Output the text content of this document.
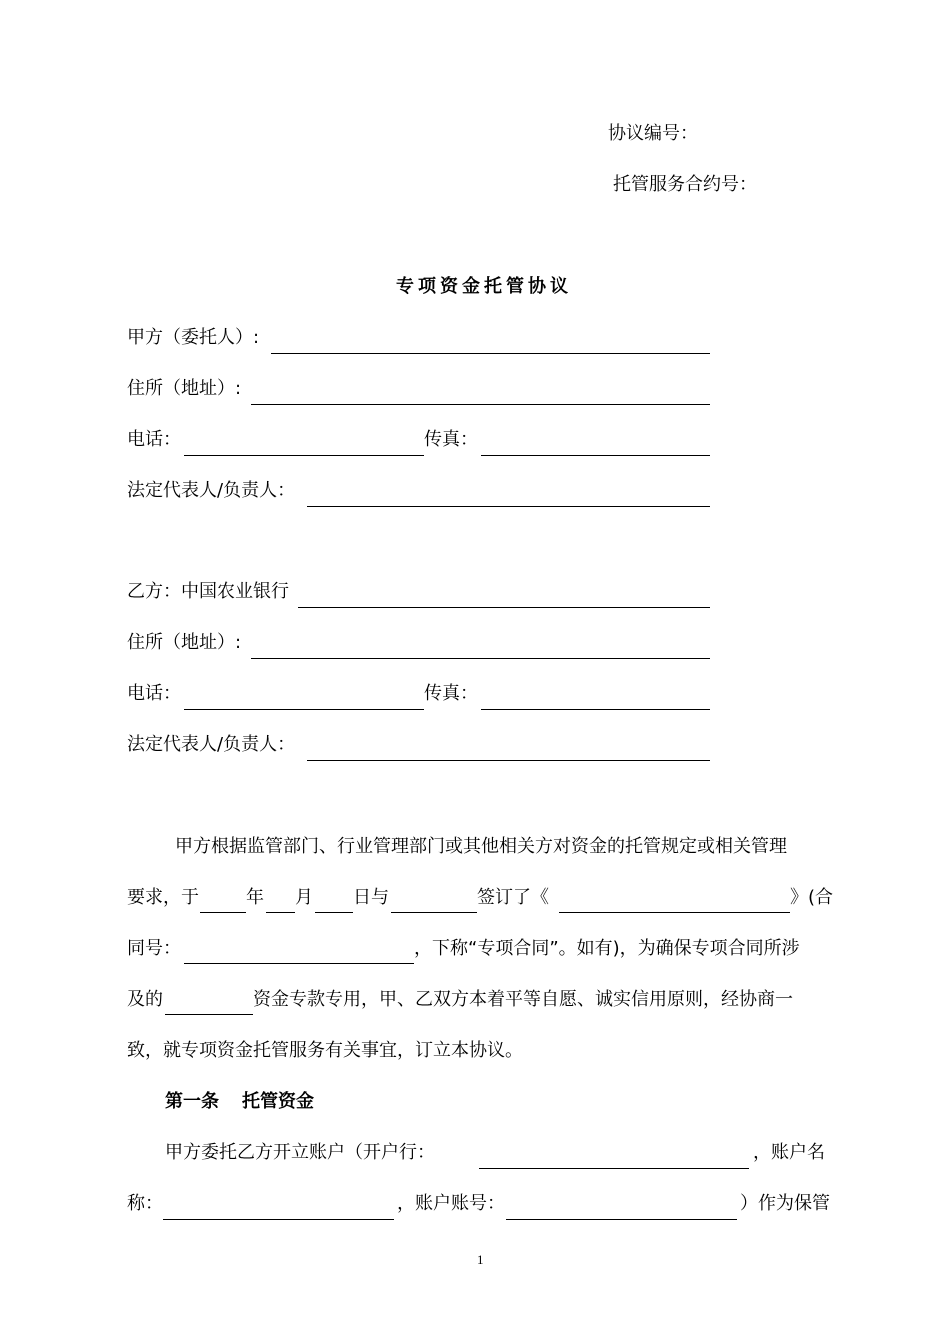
协议编号：
托管服务合约号：
专项资金托管协议
甲方（委托人）:
住所（地址）:
电话：	传真：
法定代表人/负责人：
乙方：中国农业银行
住所（地址）:
电话：	传真：
法定代表人/负责人：
甲方根据监管部门、行业管理部门或其他相关方对资金的托管规定或相关管理
要求，于	年 月 日与	签订了《	》(合
同号：	，下称“专项合同”。如有)，为确保专项合同所涉
及的	资金专款专用，甲、乙双方本着平等自愿、诚实信用原则，经协商一
致，就专项资金托管服务有关事宜，订立本协议。
第一条 托管资金
甲方委托乙方开立账户（开户行：	，账户名
称：	，账户账号：	）作为保管
1
